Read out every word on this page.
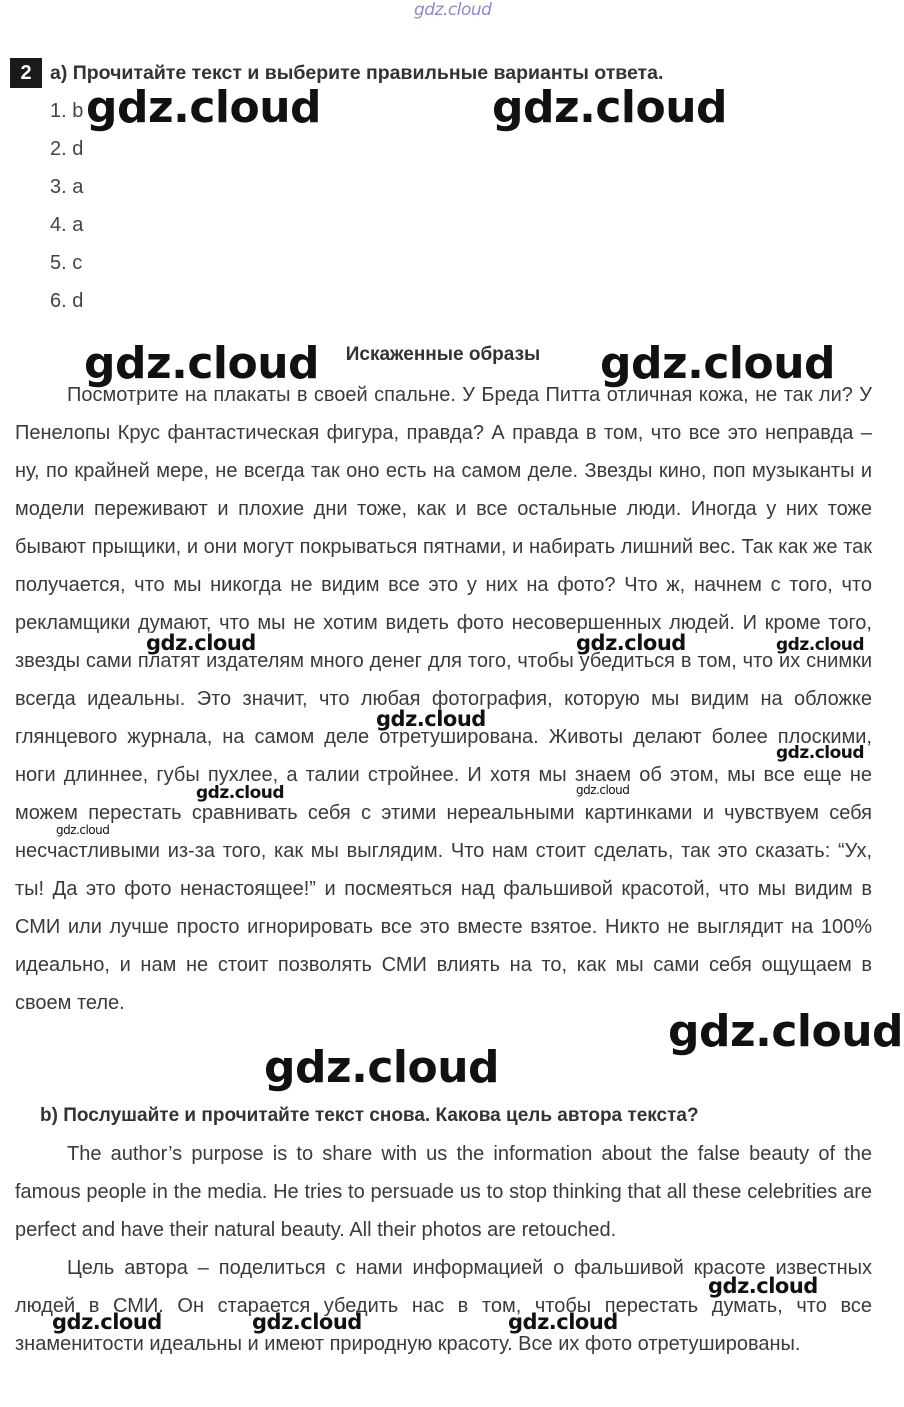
gdz.cloud
2 a) Прочитайте текст и выберите правильные варианты ответа.
1. b
2. d
3. a
4. a
5. c
6. d
Искаженные образы

Посмотрите на плакаты в своей спальне. У Бреда Питта отличная кожа, не так ли? У Пенелопы Крус фантастическая фигура, правда? А правда в том, что все это неправда – ну, по крайней мере, не всегда так оно есть на самом деле. Звезды кино, поп музыканты и модели переживают и плохие дни тоже, как и все остальные люди. Иногда у них тоже бывают прыщики, и они могут покрываться пятнами, и набирать лишний вес. Так как же так получается, что мы никогда не видим все это у них на фото? Что ж, начнем с того, что рекламщики думают, что мы не хотим видеть фото несовершенных людей. И кроме того, звезды сами платят издателям много денег для того, чтобы убедиться в том, что их снимки всегда идеальны. Это значит, что любая фотография, которую мы видим на обложке глянцевого журнала, на самом деле отретуширована. Животы делают более плоскими, ноги длиннее, губы пухлее, а талии стройнее. И хотя мы знаем об этом, мы все еще не можем перестать сравнивать себя с этими нереальными картинками и чувствуем себя несчастливыми из-за того, как мы выглядим. Что нам стоит сделать, так это сказать: “Ух, ты! Да это фото ненастоящее!” и посмеяться над фальшивой красотой, что мы видим в СМИ или лучше просто игнорировать все это вместе взятое. Никто не выглядит на 100% идеально, и нам не стоит позволять СМИ влиять на то, как мы сами себя ощущаем в своем теле.

b) Послушайте и прочитайте текст снова. Какова цель автора текста?

The author’s purpose is to share with us the information about the false beauty of the famous people in the media. He tries to persuade us to stop thinking that all these celebrities are perfect and have their natural beauty. All their photos are retouched.

Цель автора – поделиться с нами информацией о фальшивой красоте известных людей в СМИ. Он старается убедить нас в том, чтобы перестать думать, что все знаменитости идеальны и имеют природную красоту. Все их фото отретушированы.

gdz.cloud	gdz.cloud
gdz.cloud	gdz.cloud
gdz.cloud	gdz.cloud	gdz.cloud
gdz.cloud
gdz.cloud
gdz.cloud	gdz.cloud
gdz.cloud
gdz.cloud
gdz.cloud
gdz.cloud
gdz.cloud	gdz.cloud	gdz.cloud
